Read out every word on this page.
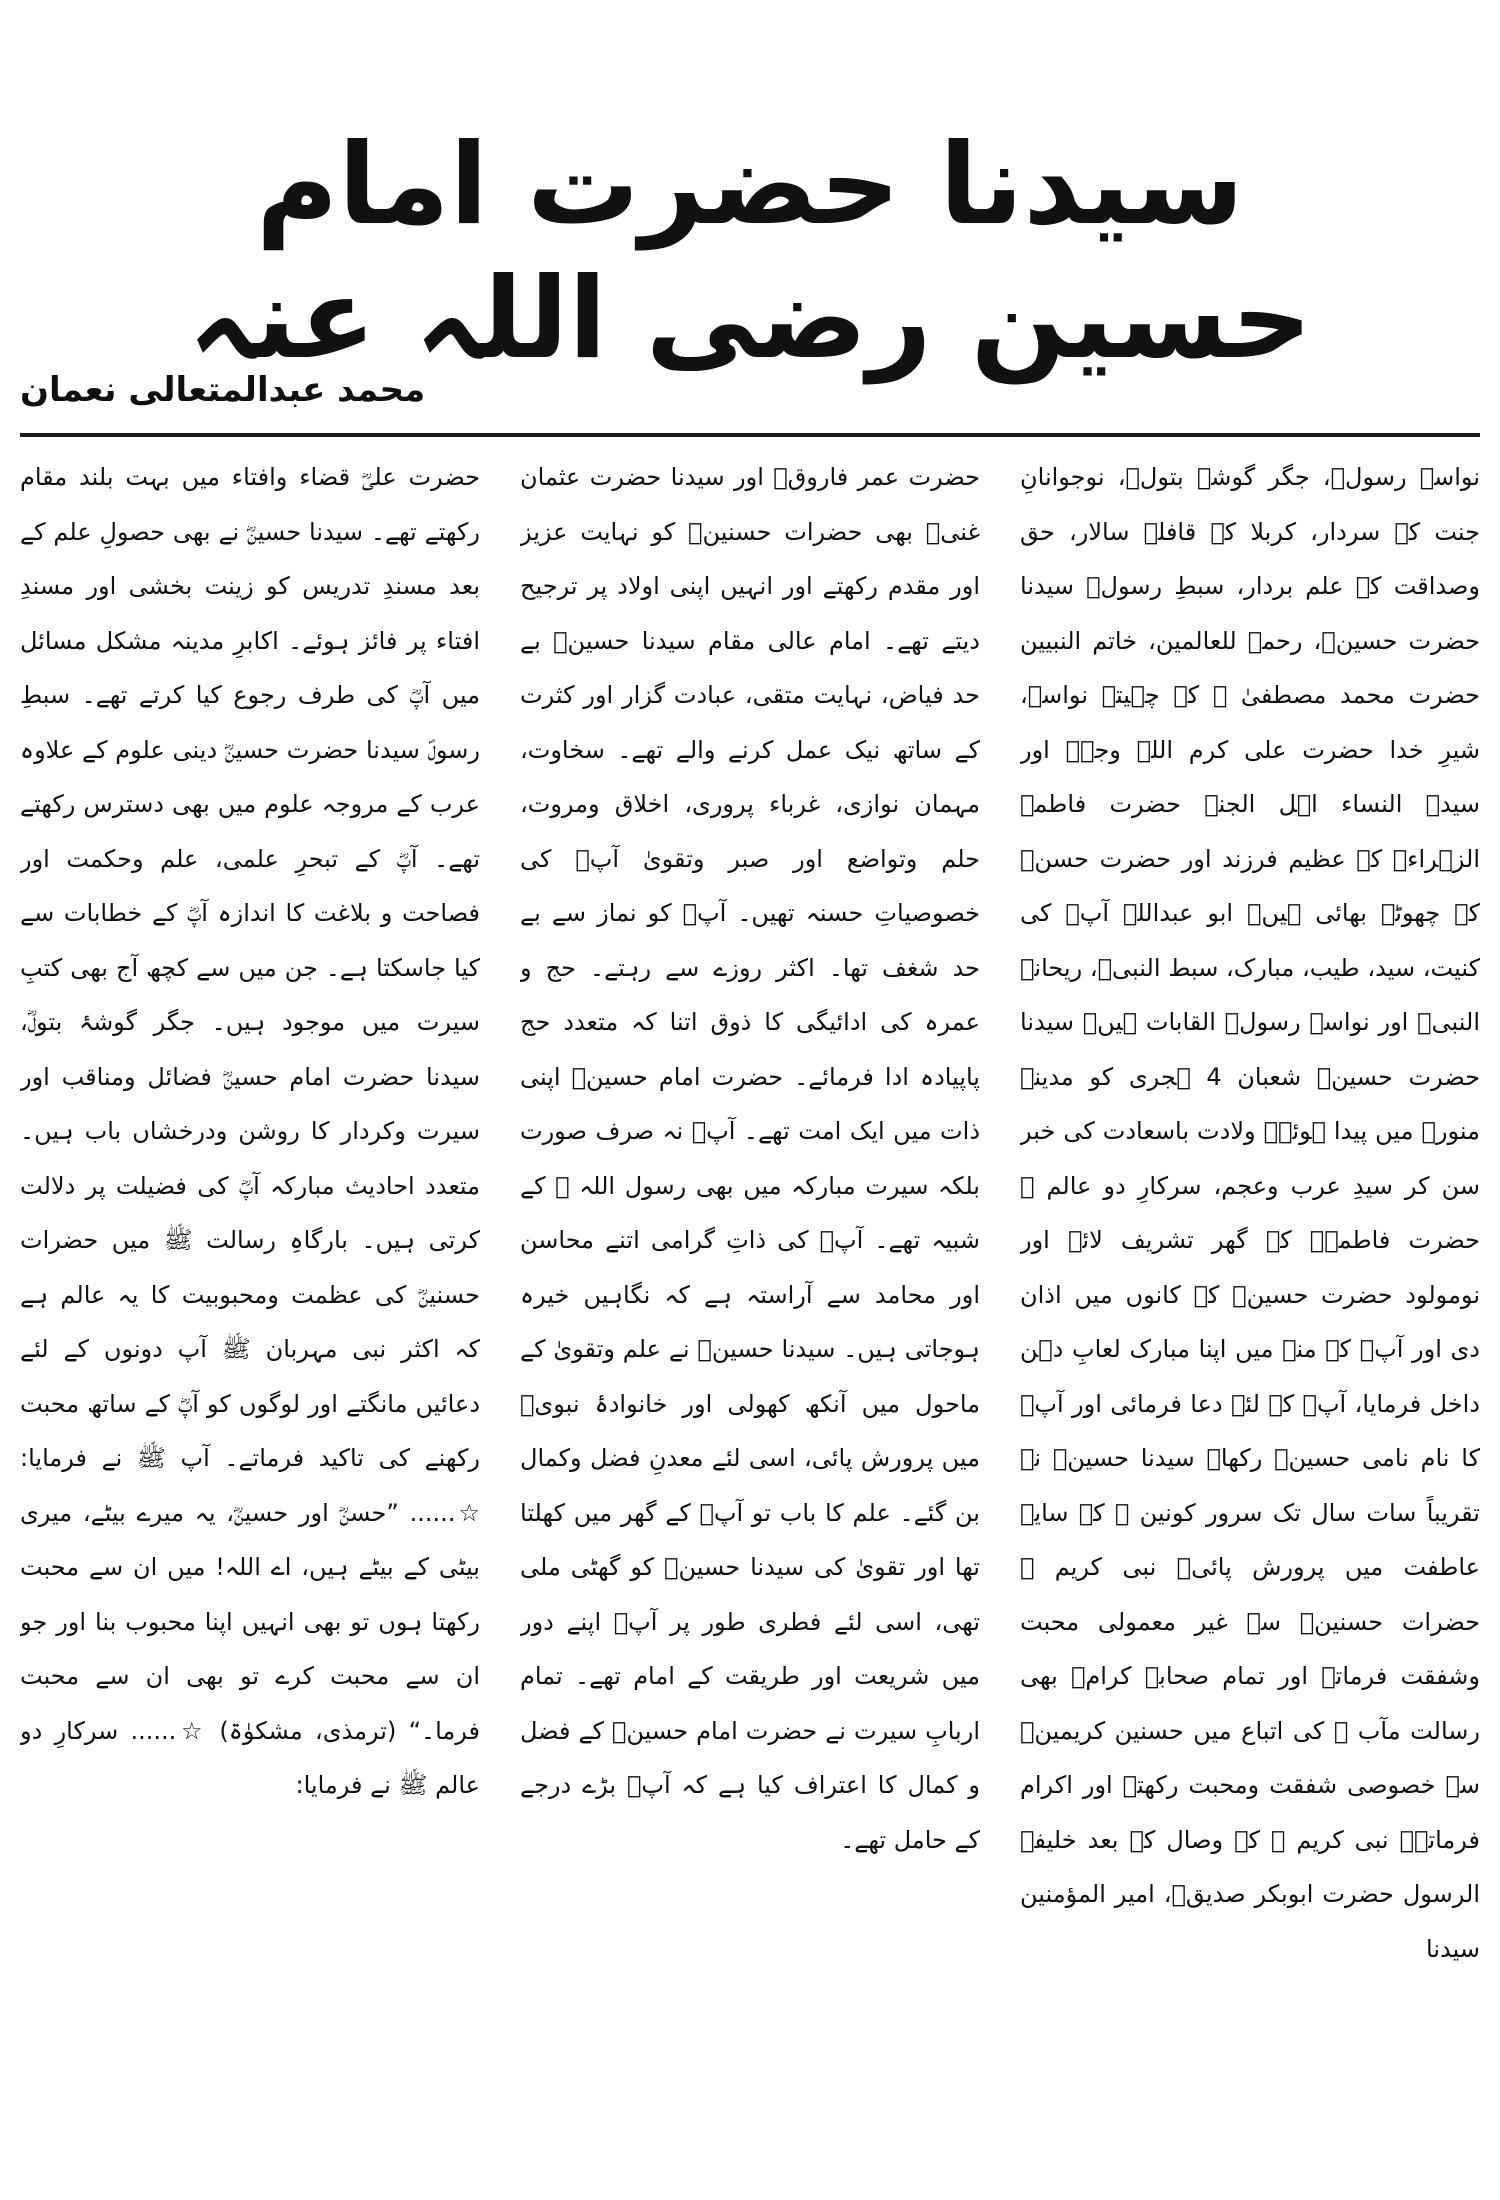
سیدنا حضرت امام حسین رضی اللہ عنہ
محمد عبدالمتعالی نعمان

نواسۂ رسولؐ، جگر گوشۂ بتولؓ، نوجوانانِ جنت کے سردار، کربلا کے قافلہ سالار، حق وصداقت کے علم بردار، سبطِ رسولؐ سیدنا حضرت حسینؓ، رحمۃ للعالمین، خاتم النبیین حضرت محمد مصطفیٰ ﷺ کے چہیتے نواسے، شیرِ خدا حضرت علی کرم اللہ وجہہ اور سیدۃ النساء اہل الجنۃ حضرت فاطمۃ الزہراءؓ کے عظیم فرزند اور حضرت حسنؓ کے چھوٹے بھائی ہیں۔ ابو عبداللہ آپؓ کی کنیت، سید، طیب، مبارک، سبط النبیؐ، ریحانۃ النبیؐ اور نواسۂ رسولؐ القابات ہیں۔ سیدنا حضرت حسینؓ شعبان 4 ہجری کو مدینہ منورہ میں پیدا ہوئے۔ ولادت باسعادت کی خبر سن کر سیدِ عرب وعجم، سرکارِ دو عالم ﷺ حضرت فاطمہؓ کے گھر تشریف لائے اور نومولود حضرت حسینؓ کے کانوں میں اذان دی اور آپؓ کے منہ میں اپنا مبارک لعابِ دہن داخل فرمایا، آپؓ کے لئے دعا فرمائی اور آپؓ کا نام نامی حسینؓ رکھا۔ سیدنا حسینؓ نے تقریباً سات سال تک سرور کونین ﷺ کے سایۂ عاطفت میں پرورش پائی۔ نبی کریم ﷺ حضرات حسنینؓ سے غیر معمولی محبت وشفقت فرماتے اور تمام صحابہ کرامؓ بھی رسالت مآب ﷺ کی اتباع میں حسنین کریمینؓ سے خصوصی شفقت ومحبت رکھتے اور اکرام فرماتے۔ نبی کریم ﷺ کے وصال کے بعد خلیفۃ الرسول حضرت ابوبکر صدیقؓ، امیر المؤمنین سیدنا

حضرت عمر فاروقؓ اور سیدنا حضرت عثمان غنیؓ بھی حضرات حسنینؓ کو نہایت عزیز اور مقدم رکھتے اور انہیں اپنی اولاد پر ترجیح دیتے تھے۔ امام عالی مقام سیدنا حسینؓ بے حد فیاض، نہایت متقی، عبادت گزار اور کثرت کے ساتھ نیک عمل کرنے والے تھے۔ سخاوت، مہمان نوازی، غرباء پروری، اخلاق ومروت، حلم وتواضع اور صبر وتقویٰ آپؓ کی خصوصیاتِ حسنہ تھیں۔ آپؓ کو نماز سے بے حد شغف تھا۔ اکثر روزے سے رہتے۔ حج و عمرہ کی ادائیگی کا ذوق اتنا کہ متعدد حج پاپیادہ ادا فرمائے۔ حضرت امام حسینؓ اپنی ذات میں ایک امت تھے۔ آپؓ نہ صرف صورت بلکہ سیرت مبارکہ میں بھی رسول اللہ ﷺ کے شبیہ تھے۔ آپؓ کی ذاتِ گرامی اتنے محاسن اور محامد سے آراستہ ہے کہ نگاہیں خیرہ ہوجاتی ہیں۔ سیدنا حسینؓ نے علم وتقویٰ کے ماحول میں آنکھ کھولی اور خانوادۂ نبویؐ میں پرورش پائی، اسی لئے معدنِ فضل وکمال بن گئے۔ علم کا باب تو آپؓ کے گھر میں کھلتا تھا اور تقویٰ کی سیدنا حسینؓ کو گھٹی ملی تھی، اسی لئے فطری طور پر آپؓ اپنے دور میں شریعت اور طریقت کے امام تھے۔ تمام اربابِ سیرت نے حضرت امام حسینؓ کے فضل و کمال کا اعتراف کیا ہے کہ آپؓ بڑے درجے کے حامل تھے۔

حضرت علیؓ قضاء وافتاء میں بہت بلند مقام رکھتے تھے۔ سیدنا حسینؓ نے بھی حصولِ علم کے بعد مسندِ تدریس کو زینت بخشی اور مسندِ افتاء پر فائز ہوئے۔ اکابرِ مدینہ مشکل مسائل میں آپؓ کی طرف رجوع کیا کرتے تھے۔ سبطِ رسولؐ سیدنا حضرت حسینؓ دینی علوم کے علاوہ عرب کے مروجہ علوم میں بھی دسترس رکھتے تھے۔ آپؓ کے تبحرِ علمی، علم وحکمت اور فصاحت و بلاغت کا اندازہ آپؓ کے خطابات سے کیا جاسکتا ہے۔ جن میں سے کچھ آج بھی کتبِ سیرت میں موجود ہیں۔ جگر گوشۂ بتولؓ، سیدنا حضرت امام حسینؓ فضائل ومناقب اور سیرت وکردار کا روشن ودرخشاں باب ہیں۔ متعدد احادیث مبارکہ آپؓ کی فضیلت پر دلالت کرتی ہیں۔ بارگاہِ رسالت ﷺ میں حضرات حسنینؓ کی عظمت ومحبوبیت کا یہ عالم ہے کہ اکثر نبی مہربان ﷺ آپ دونوں کے لئے دعائیں مانگتے اور لوگوں کو آپؓ کے ساتھ محبت رکھنے کی تاکید فرماتے۔ آپ ﷺ نے فرمایا: ☆...... ”حسنؓ اور حسینؓ، یہ میرے بیٹے، میری بیٹی کے بیٹے ہیں، اے اللہ! میں ان سے محبت رکھتا ہوں تو بھی انہیں اپنا محبوب بنا اور جو ان سے محبت کرے تو بھی ان سے محبت فرما۔“ (ترمذی، مشکوٰۃ) ☆...... سرکارِ دو عالم ﷺ نے فرمایا:
